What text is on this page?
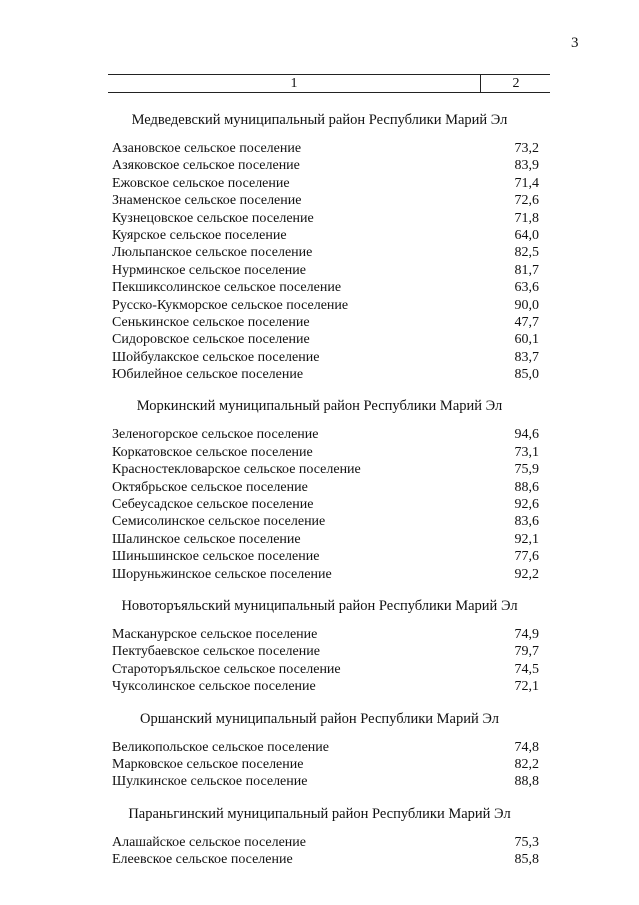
3
1	2
Медведевский муниципальный район Республики Марий Эл
Азановское сельское поселение	73,2
Азяковское сельское поселение	83,9
Ежовское сельское поселение	71,4
Знаменское сельское поселение	72,6
Кузнецовское сельское поселение	71,8
Куярское сельское поселение	64,0
Люльпанское сельское поселение	82,5
Нурминское сельское поселение	81,7
Пекшиксолинское сельское поселение	63,6
Русско-Кукморское сельское поселение	90,0
Сенькинское сельское поселение	47,7
Сидоровское сельское поселение	60,1
Шойбулакское сельское поселение	83,7
Юбилейное сельское поселение	85,0
Моркинский муниципальный район Республики Марий Эл
Зеленогорское сельское поселение	94,6
Коркатовское сельское поселение	73,1
Красностекловарское сельское поселение	75,9
Октябрьское сельское поселение	88,6
Себеусадское сельское поселение	92,6
Семисолинское сельское поселение	83,6
Шалинское сельское поселение	92,1
Шиньшинское сельское поселение	77,6
Шоруньжинское сельское поселение	92,2
Новоторъяльский муниципальный район Республики Марий Эл
Масканурское сельское поселение	74,9
Пектубаевское сельское поселение	79,7
Староторъяльское сельское поселение	74,5
Чуксолинское сельское поселение	72,1
Оршанский муниципальный район Республики Марий Эл
Великопольское сельское поселение	74,8
Марковское сельское поселение	82,2
Шулкинское сельское поселение	88,8
Параньгинский муниципальный район Республики Марий Эл
Алашайское сельское поселение	75,3
Елеевское сельское поселение	85,8
